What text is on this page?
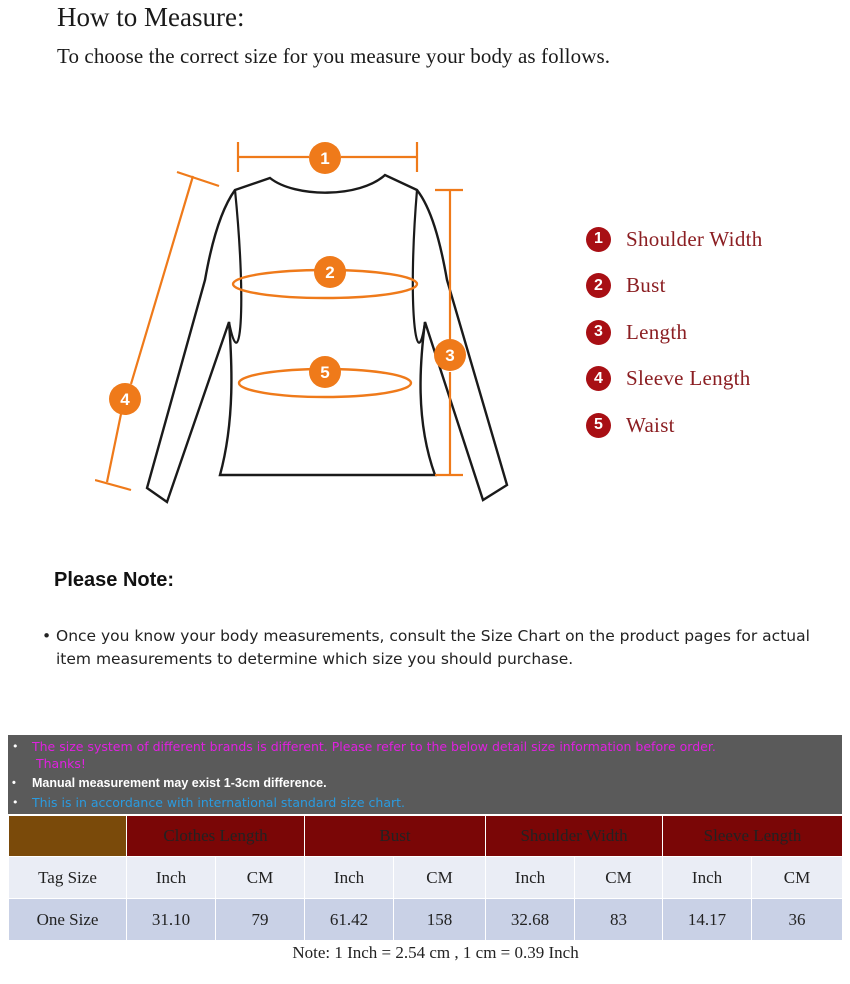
How to Measure:
To choose the correct size for you measure your body as follows.
1
2
5
3
4
1	Shoulder Width
2	Bust
3	Length
4	Sleeve Length
5	Waist
Please Note:
• Once you know your body measurements, consult the Size Chart on the product pages for actual item measurements to determine which size you should purchase.
• The size system of different brands is different. Please refer to the below detail size information before order.
Thanks!
•	Manual measurement may exist 1-3cm difference.
• This is in accordance with international standard size chart.
	Clothes Length		Bust		Shoulder Width		Sleeve Length	
Tag Size	Inch	CM	Inch	CM	Inch	CM	Inch	CM
One Size	31.10	79	61.42	158	32.68	83	14.17	36
Note: 1 Inch = 2.54 cm , 1 cm = 0.39 Inch								
